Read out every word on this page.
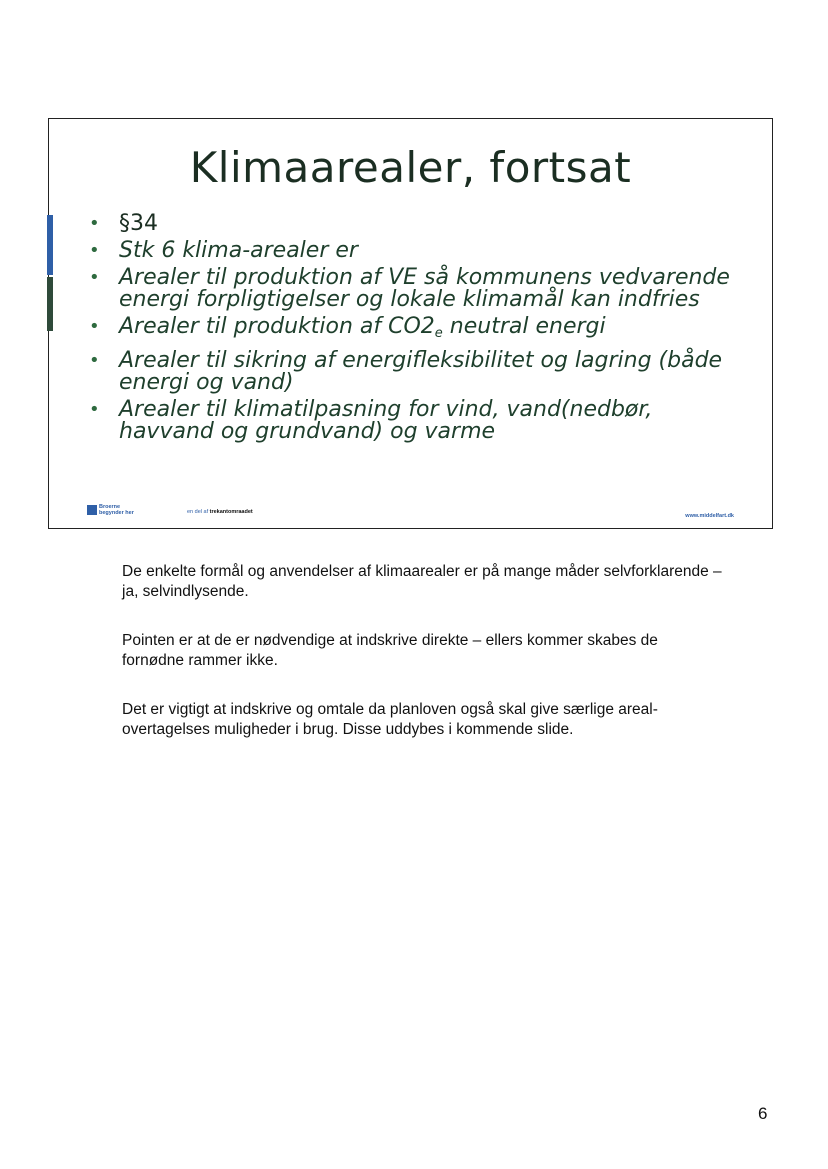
Klimaarealer, fortsat
• §34
• Stk 6 klima-arealer er
• Arealer til produktion af VE så kommunens vedvarende energi forpligtigelser og lokale klimamål kan indfries
• Arealer til produktion af $CO2_e$ neutral energi
• Arealer til sikring af energifleksibilitet og lagring (både energi og vand)
• Arealer til klimatilpasning for vind, vand(nedbør, havvand og grundvand) og varme
Broerne
begynder her	en del af trekantomraadet
www.middelfart.dk

De enkelte formål og anvendelser af klimaarealer er på mange måder selvforklarende – ja, selvindlysende.

Pointen er at de er nødvendige at indskrive direkte – ellers kommer skabes de fornødne rammer ikke.

Det er vigtigt at indskrive og omtale da planloven også skal give særlige areal-overtagelses muligheder i brug. Disse uddybes i kommende slide.

6
